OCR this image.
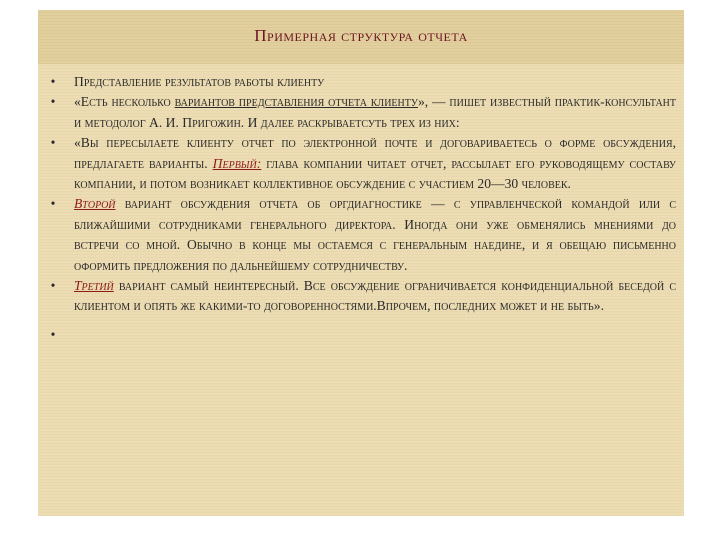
Примерная структура отчета
•	Представление результатов работы клиенту
•	«Есть несколько вариантов представления отчета клиенту», — пишет известный практик-консультант и методолог А. И. Пригожин. И далее раскрываетсуть трех из них:
•	«Вы пересылаете клиенту отчет по электронной почте и договариваетесь о форме обсуждения, предлагаете варианты. Первый: глава компании читает отчет, рассылает его руководящему составу компании, и потом возникает коллективное обсуждение с участием 20—30 человек.
•	Второй вариант обсуждения отчета об оргдиагностике — с управленческой командой или с ближайшими сотрудниками генерального директора. Иногда они уже обменялись мнениями до встречи со мной. Обычно в конце мы остаемся с генеральным наедине, и я обещаю письменно оформить предложения по дальнейшему сотрудничеству.
•	Третий вариант самый неинтересный. Все обсуждение ограничивается конфиденциальной беседой с клиентом и опять же какими-то договоренностями.Впрочем, последних может и не быть».
•
